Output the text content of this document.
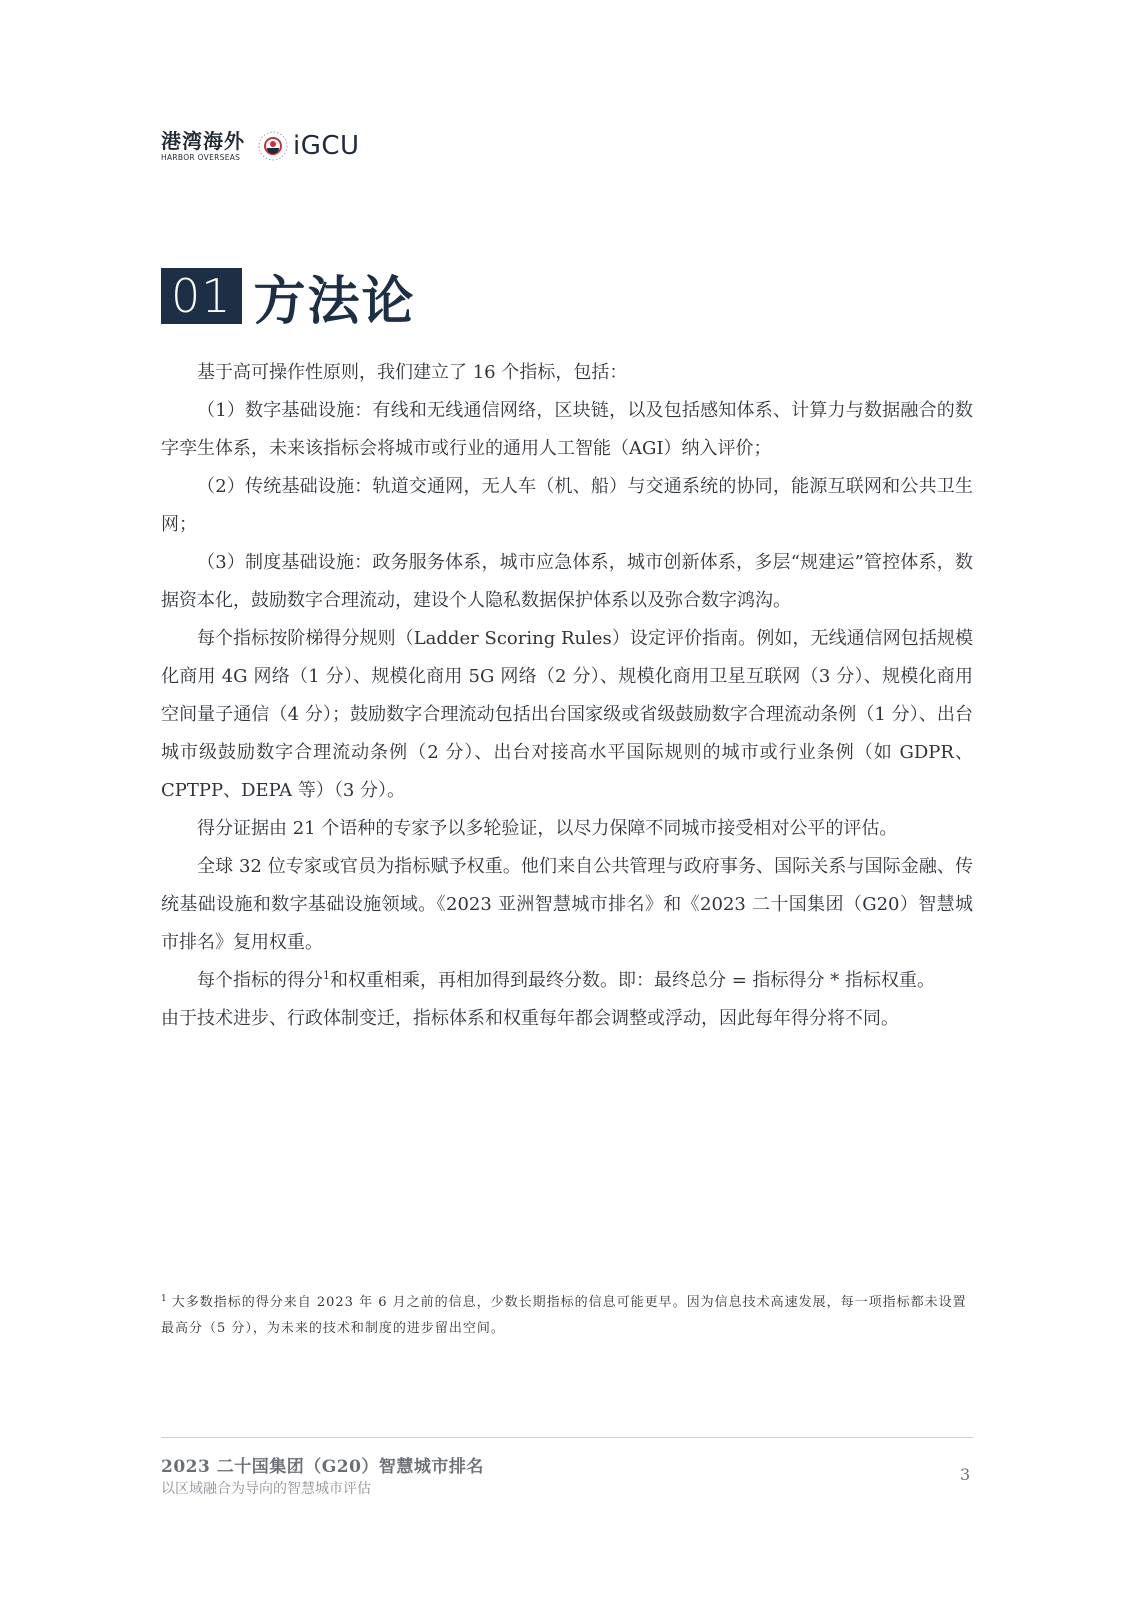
港湾海外
HARBOR OVERSEAS iGCU
01 方法论

基于高可操作性原则，我们建立了 16 个指标，包括：

（1）数字基础设施：有线和无线通信网络，区块链，以及包括感知体系、计算力与数据融合的数字孪生体系，未来该指标会将城市或行业的通用人工智能（AGI）纳入评价；

（2）传统基础设施：轨道交通网，无人车（机、船）与交通系统的协同，能源互联网和公共卫生网；

（3）制度基础设施：政务服务体系，城市应急体系，城市创新体系，多层“规建运”管控体系，数据资本化，鼓励数字合理流动，建设个人隐私数据保护体系以及弥合数字鸿沟。

每个指标按阶梯得分规则（Ladder Scoring Rules）设定评价指南。例如，无线通信网包括规模化商用 4G 网络（1 分）、规模化商用 5G 网络（2 分）、规模化商用卫星互联网（3 分）、规模化商用空间量子通信（4 分）；鼓励数字合理流动包括出台国家级或省级鼓励数字合理流动条例（1 分）、出台城市级鼓励数字合理流动条例（2 分）、出台对接高水平国际规则的城市或行业条例（如 GDPR、CPTPP、DEPA 等）（3 分）。

得分证据由 21 个语种的专家予以多轮验证，以尽力保障不同城市接受相对公平的评估。

全球 32 位专家或官员为指标赋予权重。他们来自公共管理与政府事务、国际关系与国际金融、传统基础设施和数字基础设施领域。《2023 亚洲智慧城市排名》和《2023 二十国集团（G20）智慧城市排名》复用权重。

每个指标的得分$^1$和权重相乘，再相加得到最终分数。即：最终总分 = 指标得分 * 指标权重。

由于技术进步、行政体制变迁，指标体系和权重每年都会调整或浮动，因此每年得分将不同。

$^1$ 大多数指标的得分来自 2023 年 6 月之前的信息，少数长期指标的信息可能更早。因为信息技术高速发展，每一项指标都未设置最高分（5 分），为未来的技术和制度的进步留出空间。
2023 二十国集团（G20）智慧城市排名
以区域融合为导向的智慧城市评估
3
